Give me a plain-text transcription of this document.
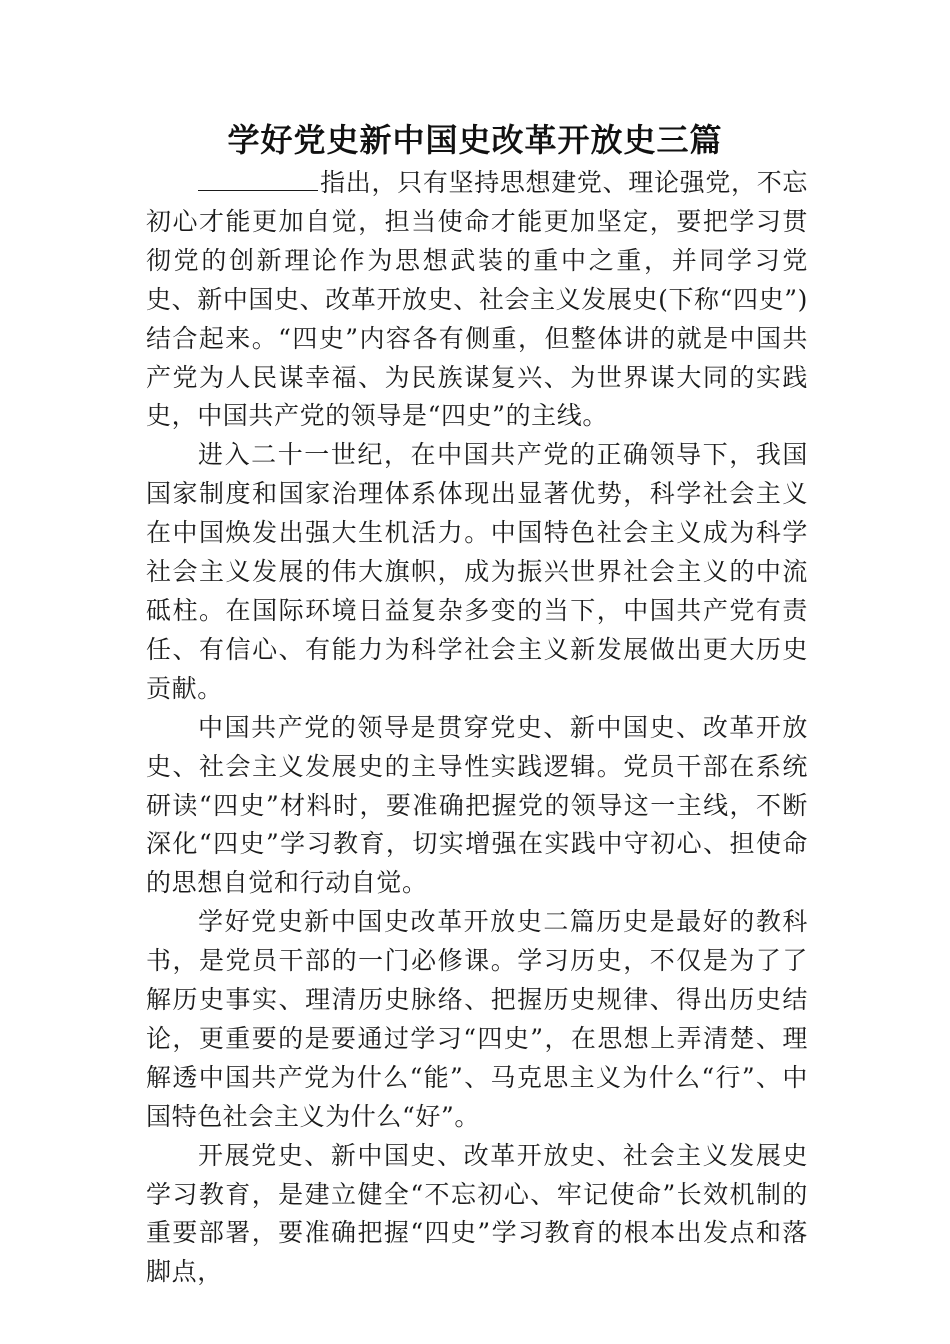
学好党史新中国史改革开放史三篇

指出，只有坚持思想建党、理论强党，不忘初心才能更加自觉，担当使命才能更加坚定，要把学习贯彻党的创新理论作为思想武装的重中之重，并同学习党史、新中国史、改革开放史、社会主义发展史(下称“四史”)结合起来。“四史”内容各有侧重，但整体讲的就是中国共产党为人民谋幸福、为民族谋复兴、为世界谋大同的实践史，中国共产党的领导是“四史”的主线。

进入二十一世纪，在中国共产党的正确领导下，我国国家制度和国家治理体系体现出显著优势，科学社会主义在中国焕发出强大生机活力。中国特色社会主义成为科学社会主义发展的伟大旗帜，成为振兴世界社会主义的中流砥柱。在国际环境日益复杂多变的当下，中国共产党有责任、有信心、有能力为科学社会主义新发展做出更大历史贡献。

中国共产党的领导是贯穿党史、新中国史、改革开放史、社会主义发展史的主导性实践逻辑。党员干部在系统研读“四史”材料时，要准确把握党的领导这一主线，不断深化“四史”学习教育，切实增强在实践中守初心、担使命的思想自觉和行动自觉。

学好党史新中国史改革开放史二篇历史是最好的教科书，是党员干部的一门必修课。学习历史，不仅是为了了解历史事实、理清历史脉络、把握历史规律、得出历史结论，更重要的是要通过学习“四史”，在思想上弄清楚、理解透中国共产党为什么“能”、马克思主义为什么“行”、中国特色社会主义为什么“好”。

开展党史、新中国史、改革开放史、社会主义发展史学习教育，是建立健全“不忘初心、牢记使命”长效机制的重要部署，要准确把握“四史”学习教育的根本出发点和落脚点，
